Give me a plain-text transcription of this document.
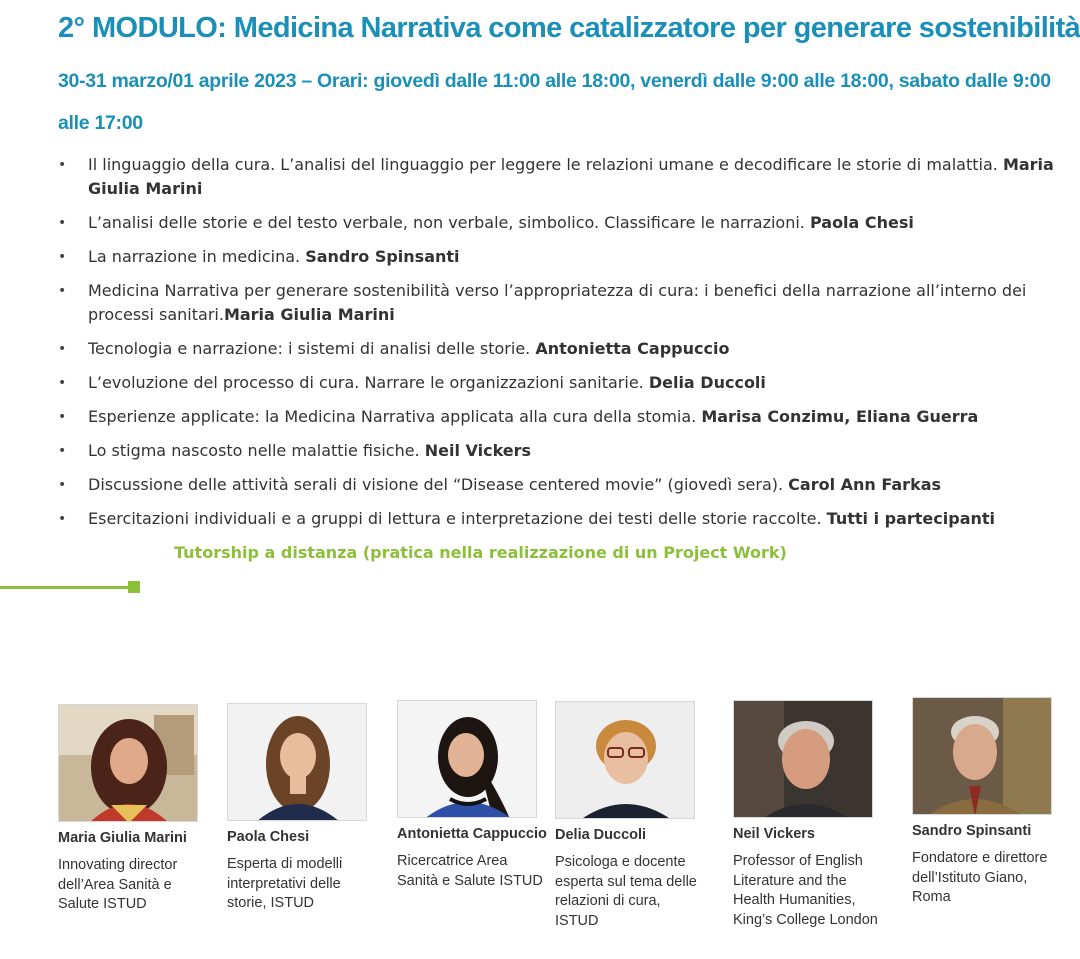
2° MODULO: Medicina Narrativa come catalizzatore per generare sostenibilità

30-31 marzo/01 aprile 2023 – Orari: giovedì dalle 11:00 alle 18:00, venerdì dalle 9:00 alle 18:00, sabato dalle 9:00 alle 17:00

• Il linguaggio della cura. L’analisi del linguaggio per leggere le relazioni umane e decodificare le storie di malattia. Maria Giulia Marini
• L’analisi delle storie e del testo verbale, non verbale, simbolico. Classificare le narrazioni. Paola Chesi
• La narrazione in medicina. Sandro Spinsanti
• Medicina Narrativa per generare sostenibilità verso l’appropriatezza di cura: i benefici della narrazione all’interno dei processi sanitari.Maria Giulia Marini
• Tecnologia e narrazione: i sistemi di analisi delle storie. Antonietta Cappuccio
• L’evoluzione del processo di cura. Narrare le organizzazioni sanitarie. Delia Duccoli
• Esperienze applicate: la Medicina Narrativa applicata alla cura della stomia. Marisa Conzimu, Eliana Guerra
• Lo stigma nascosto nelle malattie fisiche. Neil Vickers
• Discussione delle attività serali di visione del “Disease centered movie” (giovedì sera). Carol Ann Farkas
• Esercitazioni individuali e a gruppi di lettura e interpretazione dei testi delle storie raccolte. Tutti i partecipanti
Tutorship a distanza (pratica nella realizzazione di un Project Work)
Maria Giulia Marini
Innovating director dell’Area Sanità e Salute ISTUD
Paola Chesi
Esperta di modelli interpretativi delle storie, ISTUD
Antonietta Cappuccio
Ricercatrice Area Sanità e Salute ISTUD
Delia Duccoli
Psicologa e docente esperta sul tema delle relazioni di cura, ISTUD
Neil Vickers
Professor of English Literature and the Health Humanities, King’s College London
Sandro Spinsanti
Fondatore e direttore dell’Istituto Giano, Roma
